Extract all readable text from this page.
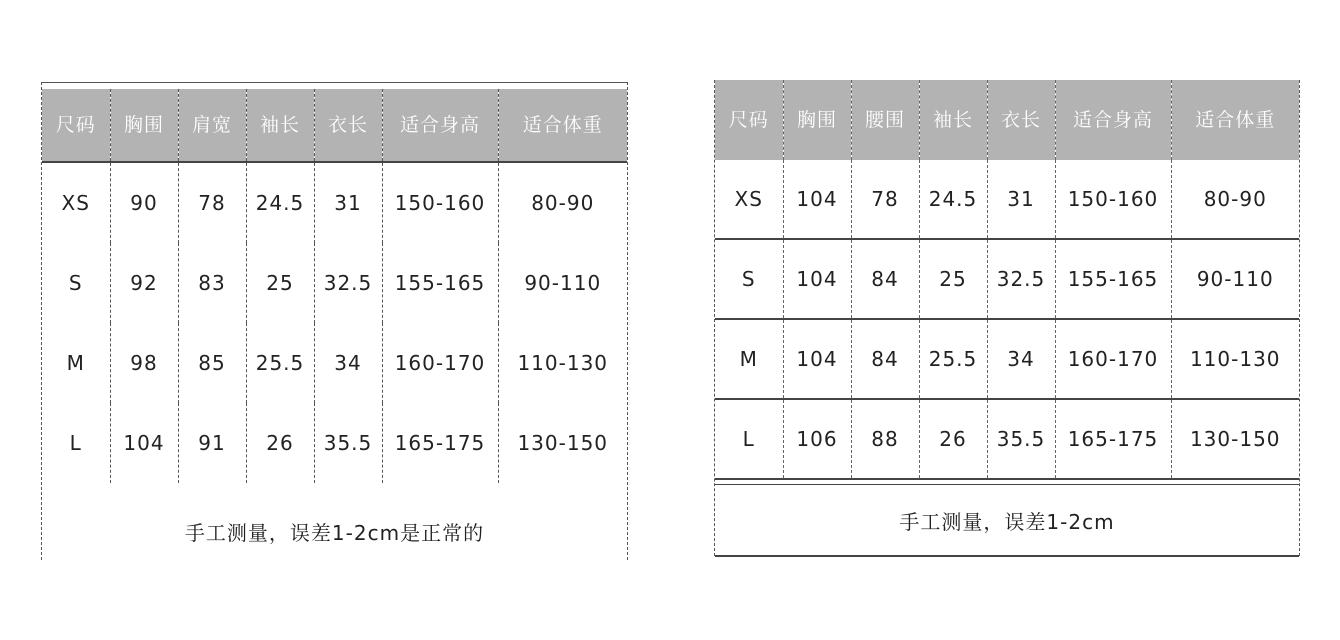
尺码	胸围	肩宽	袖长	衣长	适合身高	适合体重
XS	90	78	24.5	31	150-160	80-90
S	92	83	25	32.5	155-165	90-110
M	98	85	25.5	34	160-170	110-130
L	104	91	26	35.5	165-175	130-150
手工测量，误差1-2cm是正常的
尺码	胸围	腰围	袖长	衣长	适合身高	适合体重
XS	104	78	24.5	31	150-160	80-90
S	104	84	25	32.5	155-165	90-110
M	104	84	25.5	34	160-170	110-130
L	106	88	26	35.5	165-175	130-150
手工测量，误差1-2cm
